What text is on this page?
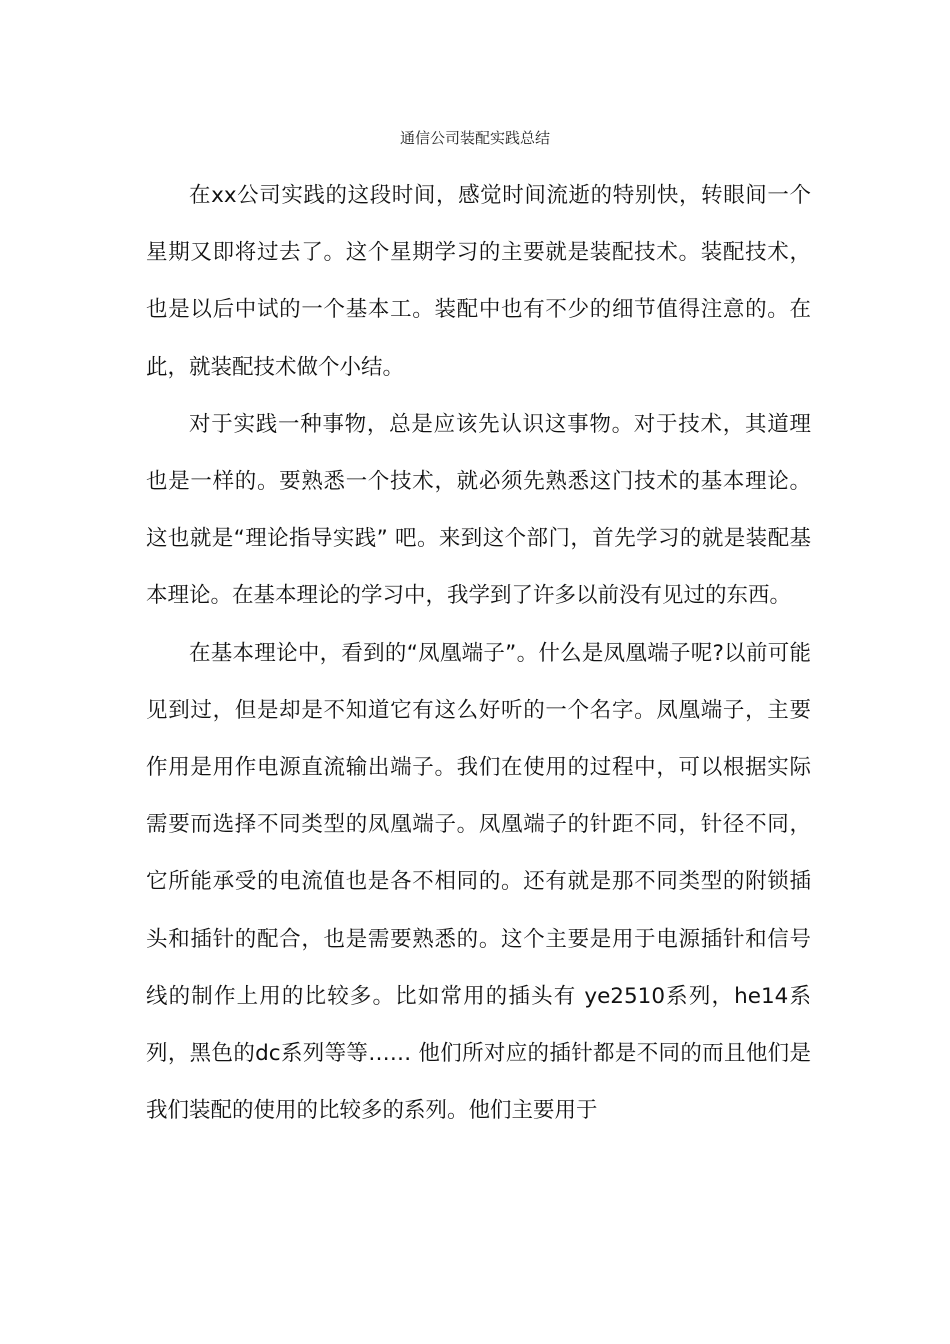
通信公司装配实践总结

在xx公司实践的这段时间，感觉时间流逝的特别快，转眼间一个星期又即将过去了。这个星期学习的主要就是装配技术。装配技术，也是以后中试的一个基本工。装配中也有不少的细节值得注意的。在此，就装配技术做个小结。

对于实践一种事物，总是应该先认识这事物。对于技术，其道理也是一样的。要熟悉一个技术，就必须先熟悉这门技术的基本理论。这也就是“理论指导实践” 吧。来到这个部门，首先学习的就是装配基本理论。在基本理论的学习中，我学到了许多以前没有见过的东西。

在基本理论中，看到的“凤凰端子”。什么是凤凰端子呢?以前可能见到过，但是却是不知道它有这么好听的一个名字。凤凰端子，主要作用是用作电源直流输出端子。我们在使用的过程中，可以根据实际需要而选择不同类型的凤凰端子。凤凰端子的针距不同，针径不同，它所能承受的电流值也是各不相同的。还有就是那不同类型的附锁插头和插针的配合，也是需要熟悉的。这个主要是用于电源插针和信号线的制作上用的比较多。比如常用的插头有 ye2510系列，he14系列，黑色的dc系列等等…… 他们所对应的插针都是不同的而且他们是我们装配的使用的比较多的系列。他们主要用于
